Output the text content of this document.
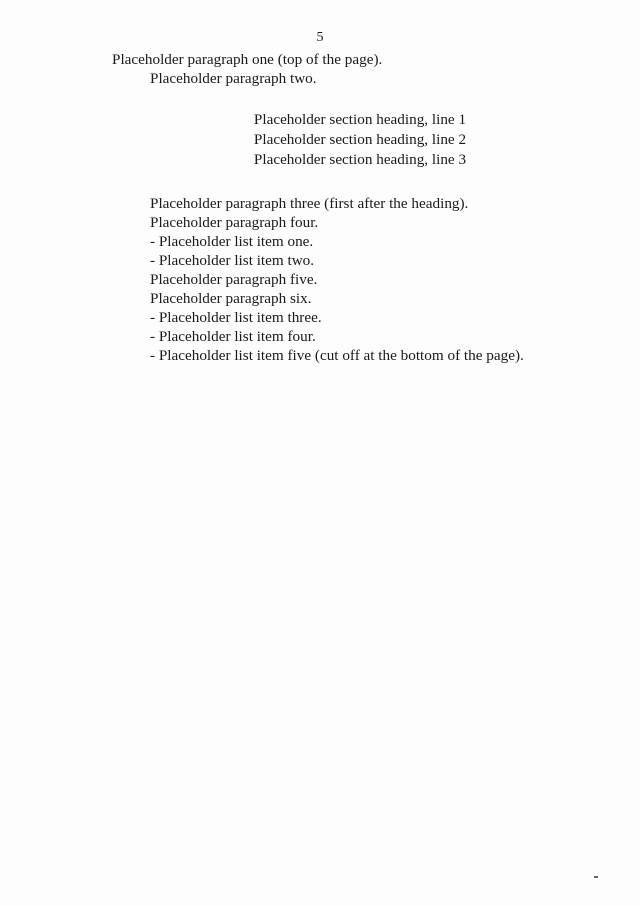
5

Placeholder paragraph one (top of the page).

Placeholder paragraph two.

Placeholder section heading, line 1
Placeholder section heading, line 2
Placeholder section heading, line 3

Placeholder paragraph three (first after the heading).

Placeholder paragraph four.

- Placeholder list item one.

- Placeholder list item two.

Placeholder paragraph five.

Placeholder paragraph six.

- Placeholder list item three.

- Placeholder list item four.

- Placeholder list item five (cut off at the bottom of the page).
